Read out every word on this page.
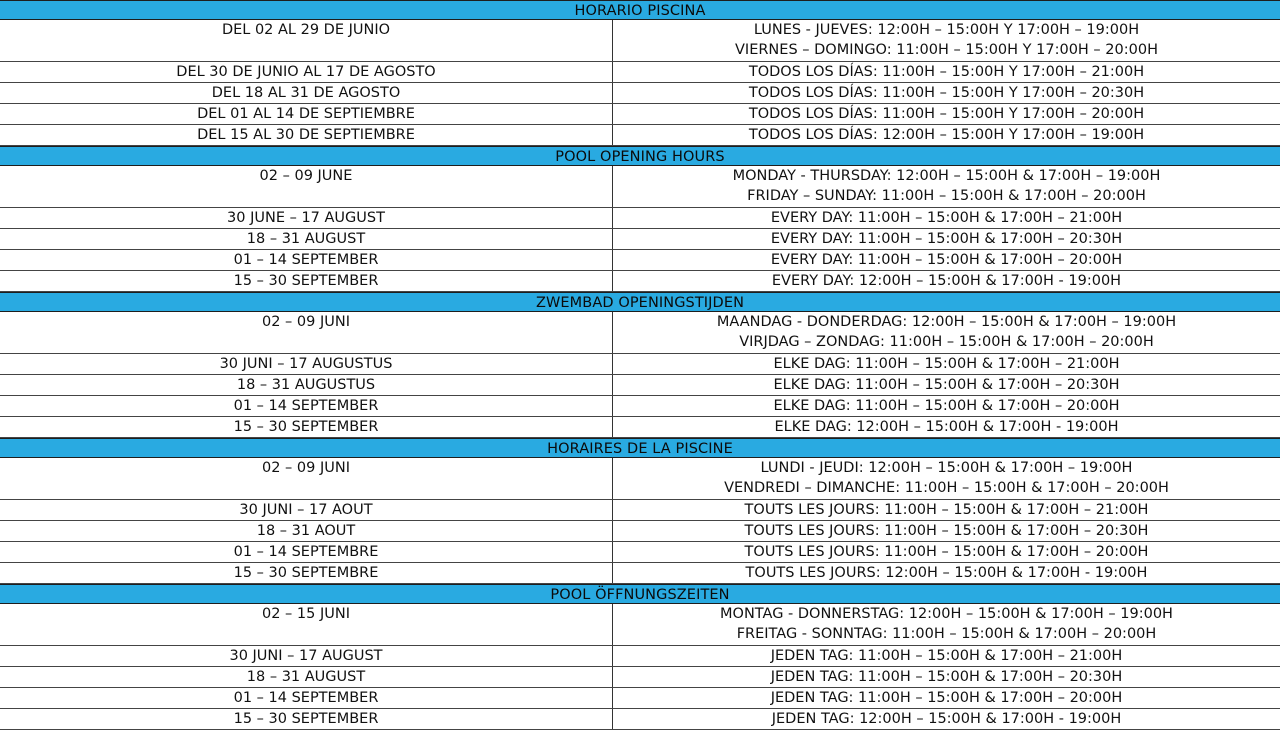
HORARIO PISCINA
DEL 02 AL 29 DE JUNIO	LUNES - JUEVES: 12:00H – 15:00H Y 17:00H – 19:00H
VIERNES – DOMINGO: 11:00H – 15:00H Y 17:00H – 20:00H
DEL 30 DE JUNIO AL 17 DE AGOSTO	TODOS LOS DÍAS: 11:00H – 15:00H Y 17:00H – 21:00H
DEL 18 AL 31 DE AGOSTO	TODOS LOS DÍAS: 11:00H – 15:00H Y 17:00H – 20:30H
DEL 01 AL 14 DE SEPTIEMBRE	TODOS LOS DÍAS: 11:00H – 15:00H Y 17:00H – 20:00H
DEL 15 AL 30 DE SEPTIEMBRE	TODOS LOS DÍAS: 12:00H – 15:00H Y 17:00H – 19:00H
POOL OPENING HOURS
02 – 09 JUNE	MONDAY - THURSDAY: 12:00H – 15:00H & 17:00H – 19:00H
FRIDAY – SUNDAY: 11:00H – 15:00H & 17:00H – 20:00H
30 JUNE – 17 AUGUST	EVERY DAY: 11:00H – 15:00H & 17:00H – 21:00H
18 – 31 AUGUST	EVERY DAY: 11:00H – 15:00H & 17:00H – 20:30H
01 – 14 SEPTEMBER	EVERY DAY: 11:00H – 15:00H & 17:00H – 20:00H
15 – 30 SEPTEMBER	EVERY DAY: 12:00H – 15:00H & 17:00H - 19:00H
ZWEMBAD OPENINGSTIJDEN
02 – 09 JUNI	MAANDAG - DONDERDAG: 12:00H – 15:00H & 17:00H – 19:00H
VIRJDAG – ZONDAG: 11:00H – 15:00H & 17:00H – 20:00H
30 JUNI – 17 AUGUSTUS	ELKE DAG: 11:00H – 15:00H & 17:00H – 21:00H
18 – 31 AUGUSTUS	ELKE DAG: 11:00H – 15:00H & 17:00H – 20:30H
01 – 14 SEPTEMBER	ELKE DAG: 11:00H – 15:00H & 17:00H – 20:00H
15 – 30 SEPTEMBER	ELKE DAG: 12:00H – 15:00H & 17:00H - 19:00H
HORAIRES DE LA PISCINE
02 – 09 JUNI	LUNDI - JEUDI: 12:00H – 15:00H & 17:00H – 19:00H
VENDREDI – DIMANCHE: 11:00H – 15:00H & 17:00H – 20:00H
30 JUNI – 17 AOUT	TOUTS LES JOURS: 11:00H – 15:00H & 17:00H – 21:00H
18 – 31 AOUT	TOUTS LES JOURS: 11:00H – 15:00H & 17:00H – 20:30H
01 – 14 SEPTEMBRE	TOUTS LES JOURS: 11:00H – 15:00H & 17:00H – 20:00H
15 – 30 SEPTEMBRE	TOUTS LES JOURS: 12:00H – 15:00H & 17:00H - 19:00H
POOL ÖFFNUNGSZEITEN
02 – 15 JUNI	MONTAG - DONNERSTAG: 12:00H – 15:00H & 17:00H – 19:00H
FREITAG - SONNTAG: 11:00H – 15:00H & 17:00H – 20:00H
30 JUNI – 17 AUGUST	JEDEN TAG: 11:00H – 15:00H & 17:00H – 21:00H
18 – 31 AUGUST	JEDEN TAG: 11:00H – 15:00H & 17:00H – 20:30H
01 – 14 SEPTEMBER	JEDEN TAG: 11:00H – 15:00H & 17:00H – 20:00H
15 – 30 SEPTEMBER	JEDEN TAG: 12:00H – 15:00H & 17:00H - 19:00H
